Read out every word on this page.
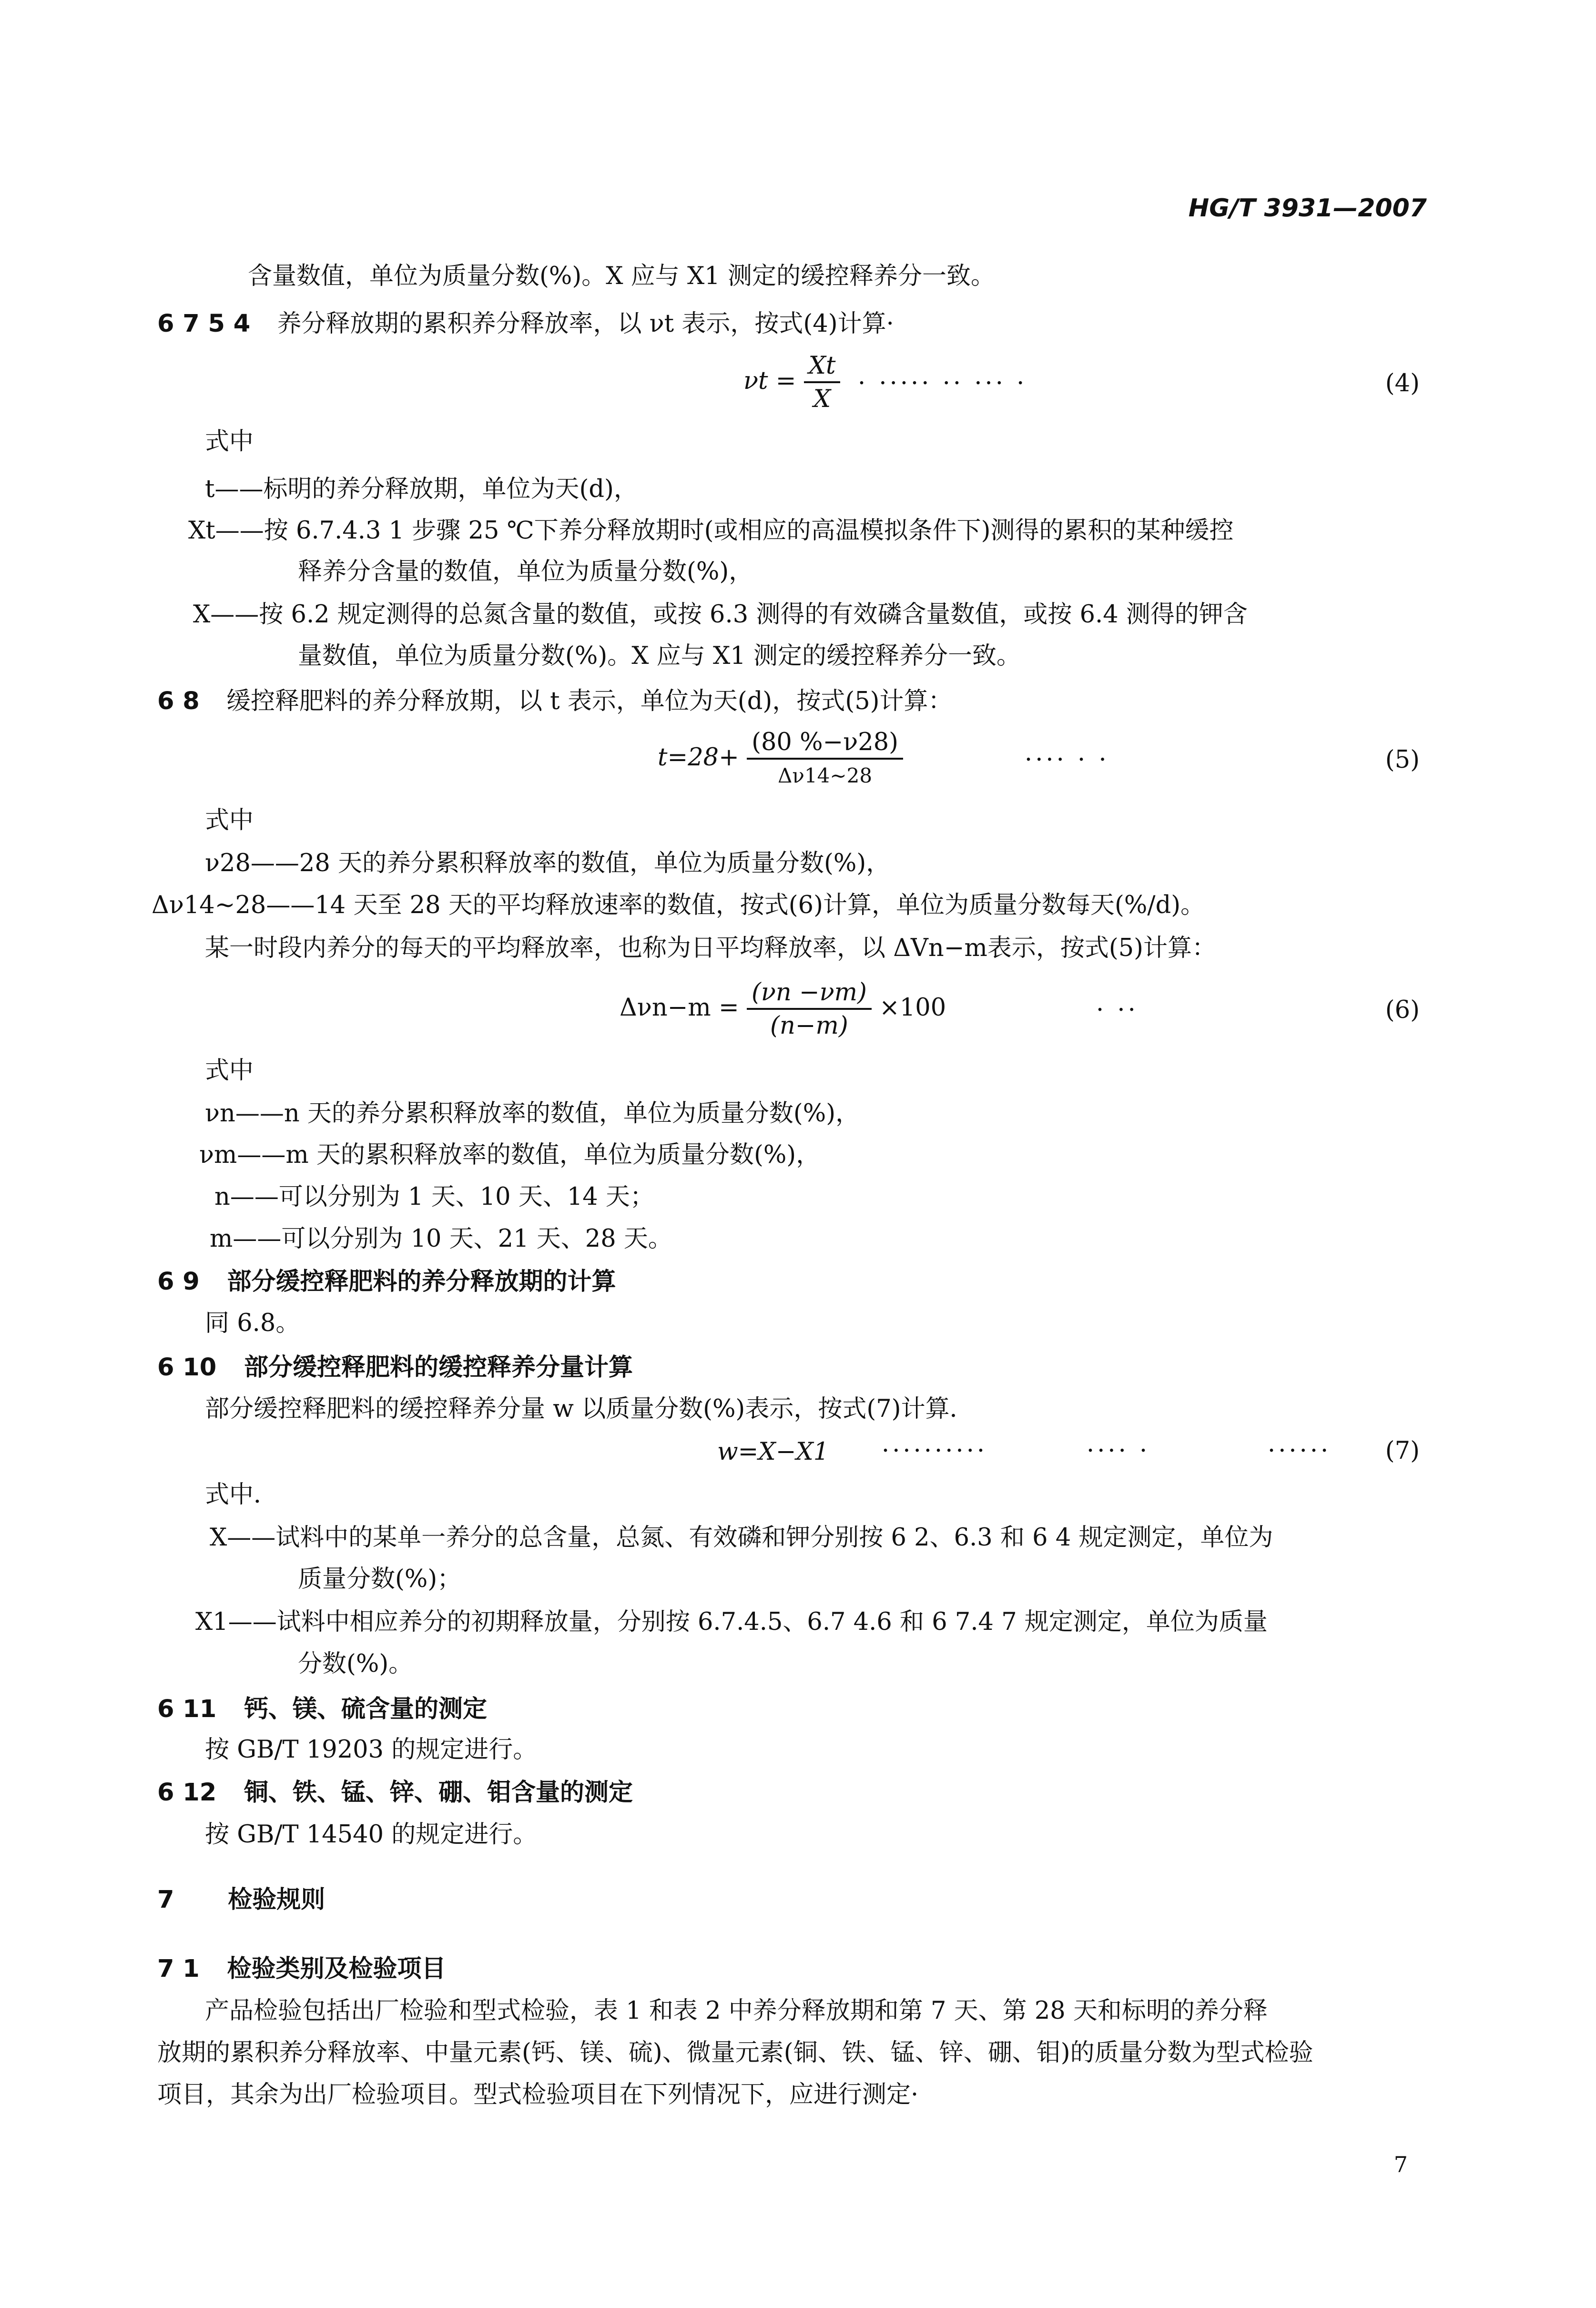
HG/T 3931—2007
含量数值，单位为质量分数(%)。X 应与 X1 测定的缓控释养分一致。
6 7 5 4 养分释放期的累积养分释放率，以 νt 表示，按式(4)计算·
$\nu t = \frac{Xt}{X}$ · ····· ·· ··· ·	(4)
式中
t——标明的养分释放期，单位为天(d)，
Xt——按 6.7.4.3 1 步骤 25 ℃下养分释放期时(或相应的高温模拟条件下)测得的累积的某种缓控
释养分含量的数值，单位为质量分数(%)，
X——按 6.2 规定测得的总氮含量的数值，或按 6.3 测得的有效磷含量数值，或按 6.4 测得的钾含
量数值，单位为质量分数(%)。X 应与 X1 测定的缓控释养分一致。
6 8 缓控释肥料的养分释放期，以 t 表示，单位为天(d)，按式(5)计算：
$t=28+ \frac{(80 \%-\nu 28)}{\Delta\nu 14\sim 28}$	···· · ·	(5)
式中
ν28——28 天的养分累积释放率的数值，单位为质量分数(%)，
Δν14~28——14 天至 28 天的平均释放速率的数值，按式(6)计算，单位为质量分数每天(%/d)。
某一时段内养分的每天的平均释放率，也称为日平均释放率，以 ΔVn−m表示，按式(5)计算：
$\Delta\nu n-m = \frac{(\nu n -\nu m)}{(n-m)} \times 100$	· ··	(6)
式中
νn——n 天的养分累积释放率的数值，单位为质量分数(%)，
νm——m 天的累积释放率的数值，单位为质量分数(%)，
n——可以分别为 1 天、10 天、14 天；
m——可以分别为 10 天、21 天、28 天。
6 9 部分缓控释肥料的养分释放期的计算
同 6.8。
6 10 部分缓控释肥料的缓控释养分量计算
部分缓控释肥料的缓控释养分量 w 以质量分数(%)表示，按式(7)计算．
w=X−X1 ··········	···· ·	······ (7)
式中．
X——试料中的某单一养分的总含量，总氮、有效磷和钾分别按 6 2、6.3 和 6 4 规定测定，单位为
质量分数(%)；
X1——试料中相应养分的初期释放量，分别按 6.7.4.5、6.7 4.6 和 6 7.4 7 规定测定，单位为质量
分数(%)。
6 11 钙、镁、硫含量的测定
按 GB/T 19203 的规定进行。
6 12 铜、铁、锰、锌、硼、钼含量的测定
按 GB/T 14540 的规定进行。
7 检验规则
7 1 检验类别及检验项目
产品检验包括出厂检验和型式检验，表 1 和表 2 中养分释放期和第 7 天、第 28 天和标明的养分释
放期的累积养分释放率、中量元素(钙、镁、硫)、微量元素(铜、铁、锰、锌、硼、钼)的质量分数为型式检验
项目，其余为出厂检验项目。型式检验项目在下列情况下，应进行测定·
7
